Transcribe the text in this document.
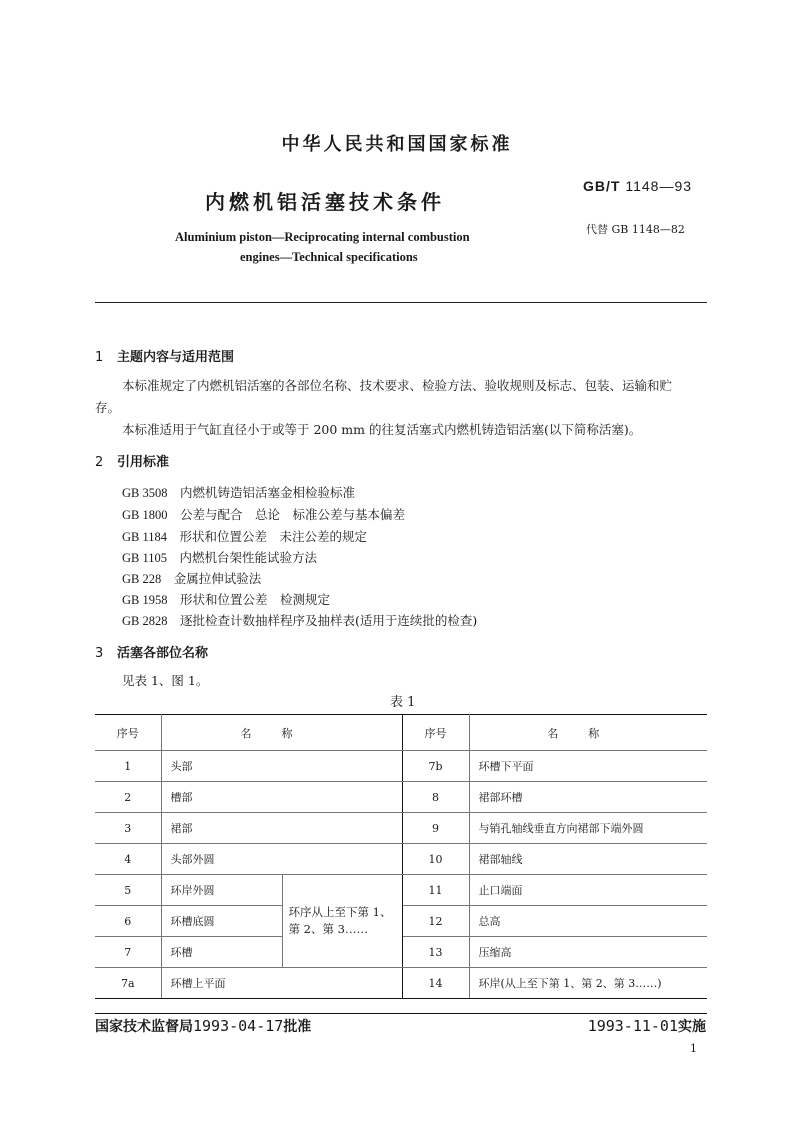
中华人民共和国国家标准
内燃机铝活塞技术条件
GB/T 1148—93
代替 GB 1148—82
Aluminium piston—Reciprocating internal combustion
engines—Technical specifications
1 主题内容与适用范围
本标准规定了内燃机铝活塞的各部位名称、技术要求、检验方法、验收规则及标志、包装、运输和贮
存。
本标准适用于气缸直径小于或等于 200 mm 的往复活塞式内燃机铸造铝活塞(以下简称活塞)。
2 引用标准
GB 3508　 内燃机铸造铝活塞金相检验标准
GB 1800　 公差与配合　总论　标准公差与基本偏差
GB 1184　 形状和位置公差　未注公差的规定
GB 1105　 内燃机台架性能试验方法
GB 228　 金属拉伸试验法
GB 1958　 形状和位置公差　检测规定
GB 2828　 逐批检查计数抽样程序及抽样表(适用于连续批的检查)
3 活塞各部位名称
见表 1、图 1。
表 1
序号	名称		序号	名称
1	头部		7b	环槽下平面
2	槽部		8	裙部环槽
3	裙部		9	与销孔轴线垂直方向裙部下端外圆
4	头部外圆		10	裙部轴线
5	环岸外圆	环序从上至下第 1、第 2、第 3……	11	止口端面
6	环槽底圆		12	总高
7	环槽		13	压缩高
7a	环槽上平面		14	环岸(从上至下第 1、第 2、第 3……)
国家技术监督局1993-04-17批准	1993-11-01实施
1
